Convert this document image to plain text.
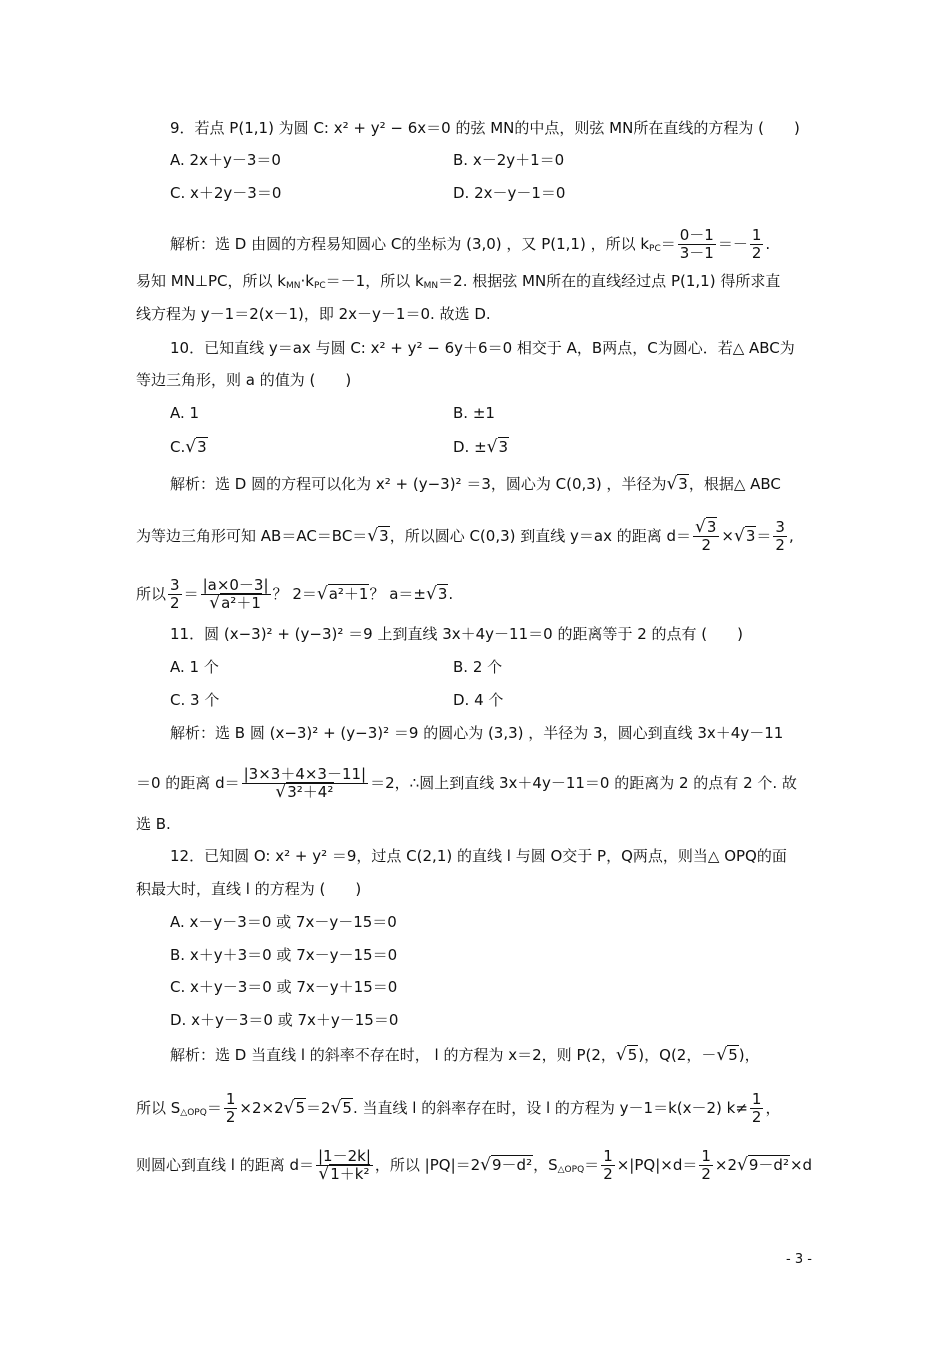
9．若点 P(1,1) 为圆 C: x² + y² − 6x＝0 的弦 MN的中点，则弦 MN所在直线的方程为 (　　)
A. 2x＋y－3＝0	B. x－2y＋1＝0
C. x＋2y－3＝0	D. 2x－y－1＝0
解析：选 D 由圆的方程易知圆心 C的坐标为 (3,0) ，又 P(1,1) ，所以 $k_{PC}= \frac{0-1}{3-1} =- \frac{1}{2}$ .
易知 MN⊥PC，所以 $k_{MN}\cdot k_{PC}=-1$，所以 $k_{MN}=2$. 根据弦 MN所在的直线经过点 P(1,1) 得所求直
线方程为 y－1＝2(x－1)，即 2x－y－1＝0. 故选 D.
10．已知直线 y＝ax 与圆 C: x² + y² − 6y＋6＝0 相交于 A，B两点，C为圆心．若△ ABC为
等边三角形，则 a 的值为 (　　)
A. 1	B. ±1
C.√3	D. ±√3
解析：选 D 圆的方程可以化为 x² + (y−3)² ＝3，圆心为 C(0,3) ，半径为√3，根据△ ABC
为等边三角形可知 AB＝AC＝BC＝√3，所以圆心 C(0,3) 到直线 y＝ax 的距离 $d= \frac{√3}{2} \times√3= \frac{3}{2}$ ,
所以 $\frac{3}{2} = \frac{|a\times 0-3|}{\text{√a²＋1}}$ ？ 2＝√a²＋1？ a＝±√3.
11．圆 (x−3)² + (y−3)² ＝9 上到直线 3x＋4y－11＝0 的距离等于 2 的点有 (　　)
A. 1 个	B. 2 个
C. 3 个	D. 4 个
解析：选 B 圆 (x−3)² + (y−3)² ＝9 的圆心为 (3,3) ，半径为 3，圆心到直线 3x＋4y－11
＝0 的距离 $d= \frac{|3\times 3+4\times 3-11|}{\text{√3²＋4²}} =2$，∴圆上到直线 3x＋4y－11＝0 的距离为 2 的点有 2 个. 故
选 B.
12．已知圆 O: x² + y² ＝9，过点 C(2,1) 的直线 l 与圆 O交于 P，Q两点，则当△ OPQ的面
积最大时，直线 l 的方程为 (　　)
A. x－y－3＝0 或 7x－y－15＝0
B. x＋y＋3＝0 或 7x－y－15＝0
C. x＋y－3＝0 或 7x－y＋15＝0
D. x＋y－3＝0 或 7x＋y－15＝0
解析：选 D 当直线 l 的斜率不存在时， l 的方程为 x＝2，则 P(2，√5)，Q(2，－√5)，
所以 $S_{\triangle OPQ}= \frac{1}{2} \times 2\times 2√5=2√5$. 当直线 l 的斜率存在时，设 l 的方程为 y－1＝k(x－2) $k\ne \frac{1}{2}$ ，
则圆心到直线 l 的距离 $d= \frac{|1-2k|}{\text{√1＋k²}}$ ，所以 |PQ|＝2√9－d²，$S_{\triangle OPQ}= \frac{1}{2} \times|PQ|\times d= \frac{1}{2} \times 2√9-d^2\times d$
- 3 -
